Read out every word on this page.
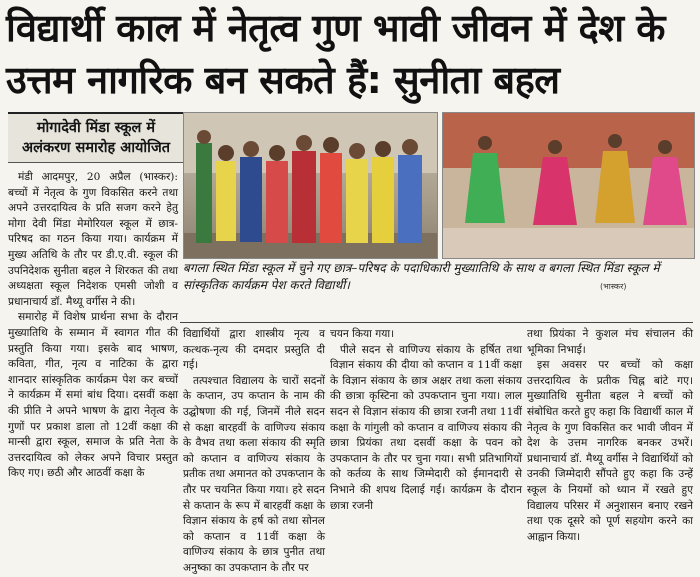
विद्यार्थी काल में नेतृत्व गुण भावी जीवन में देश के उत्तम नागरिक बन सकते हैं: सुनीता बहल
मोगादेवी मिंडा स्कूल में अलंकरण समारोह आयोजित

बगला स्थित मिंडा स्कूल में चुने गए छात्र–परिषद के पदाधिकारी मुख्यातिथि के साथ व बगला स्थित मिंडा स्कूल में सांस्कृतिक कार्यक्रम पेश करते विद्यार्थी।	(भास्कर)

मंडी आदमपुर, 20 अप्रैल (भास्कर): बच्चों में नेतृत्व के गुण विकसित करने तथा अपने उत्तरदायित्व के प्रति सजग करने हेतु मोगा देवी मिंडा मेमोरियल स्कूल में छात्र-परिषद का गठन किया गया। कार्यक्रम में मुख्य अतिथि के तौर पर डी.ए.वी. स्कूल की उपनिदेशक सुनीता बहल ने शिरकत की तथा अध्यक्षता स्कूल निदेशक एमसी जोशी व प्रधानाचार्य डॉ. मैथ्यू वर्गीस ने की।

समारोह में विशेष प्रार्थना सभा के दौरान मुख्यातिथि के सम्मान में स्वागत गीत की प्रस्तुति किया गया। इसके बाद भाषण, कविता, गीत, नृत्य व नाटिका के द्वारा शानदार सांस्कृतिक कार्यक्रम पेश कर बच्चों ने कार्यक्रम में समां बांध दिया। दसवीं कक्षा की प्रीति ने अपने भाषण के द्वारा नेतृत्व के गुणों पर प्रकाश डाला तो 12वीं कक्षा की मान्सी द्वारा स्कूल, समाज के प्रति नेता के उत्तरदायित्व को लेकर अपने विचार प्रस्तुत किए गए। छठी और आठवीं कक्षा के

विद्यार्थियों द्वारा शास्त्रीय नृत्य व कत्थक-नृत्य की दमदार प्रस्तुति दी गई।

तत्पश्चात विद्यालय के चारों सदनों के कप्तान, उप कप्तान के नाम की उद्घोषणा की गई, जिनमें नीले सदन से कक्षा बारहवीं के वाणिज्य संकाय के वैभव तथा कला संकाय की स्मृति को कप्तान व वाणिज्य संकाय के प्रतीक तथा अमानत को उपकप्तान के तौर पर चयनित किया गया। हरे सदन से कप्तान के रूप में बारहवीं कक्षा के विज्ञान संकाय के हर्ष को तथा सोनल को कप्तान व 11वीं कक्षा के वाणिज्य संकाय के छात्र पुनीत तथा अनुष्का का उपकप्तान के तौर पर

चयन किया गया।

पीले सदन से वाणिज्य संकाय के हर्षित तथा विज्ञान संकाय की दीया को कप्तान व 11वीं कक्षा के विज्ञान संकाय के छात्र अक्षर तथा कला संकाय की छात्रा कृस्टिना को उपकप्तान चुना गया। लाल सदन से विज्ञान संकाय की छात्रा रजनी तथा 11वीं कक्षा के गांगुली को कप्तान व वाणिज्य संकाय की छात्रा प्रियंका तथा दसवीं कक्षा के पवन को उपकप्तान के तौर पर चुना गया। सभी प्रतिभागियों को कर्तव्य के साथ जिम्मेदारी को ईमानदारी से निभाने की शपथ दिलाई गई। कार्यक्रम के दौरान छात्रा रजनी

तथा प्रियंका ने कुशल मंच संचालन की भूमिका निभाई।

इस अवसर पर बच्चों को कक्षा उत्तरदायित्व के प्रतीक चिह्न बांटे गए। मुख्यातिथि सुनीता बहल ने बच्चों को संबोधित करते हुए कहा कि विद्यार्थी काल में नेतृत्व के गुण विकसित कर भावी जीवन में देश के उत्तम नागरिक बनकर उभरें। प्रधानाचार्य डॉ. मैथ्यू वर्गीस ने विद्यार्थियों को उनकी जिम्मेदारी सौंपते हुए कहा कि उन्हें स्कूल के नियमों को ध्यान में रखते हुए विद्यालय परिसर में अनुशासन बनाए रखने तथा एक दूसरे को पूर्ण सहयोग करने का आह्वान किया।
